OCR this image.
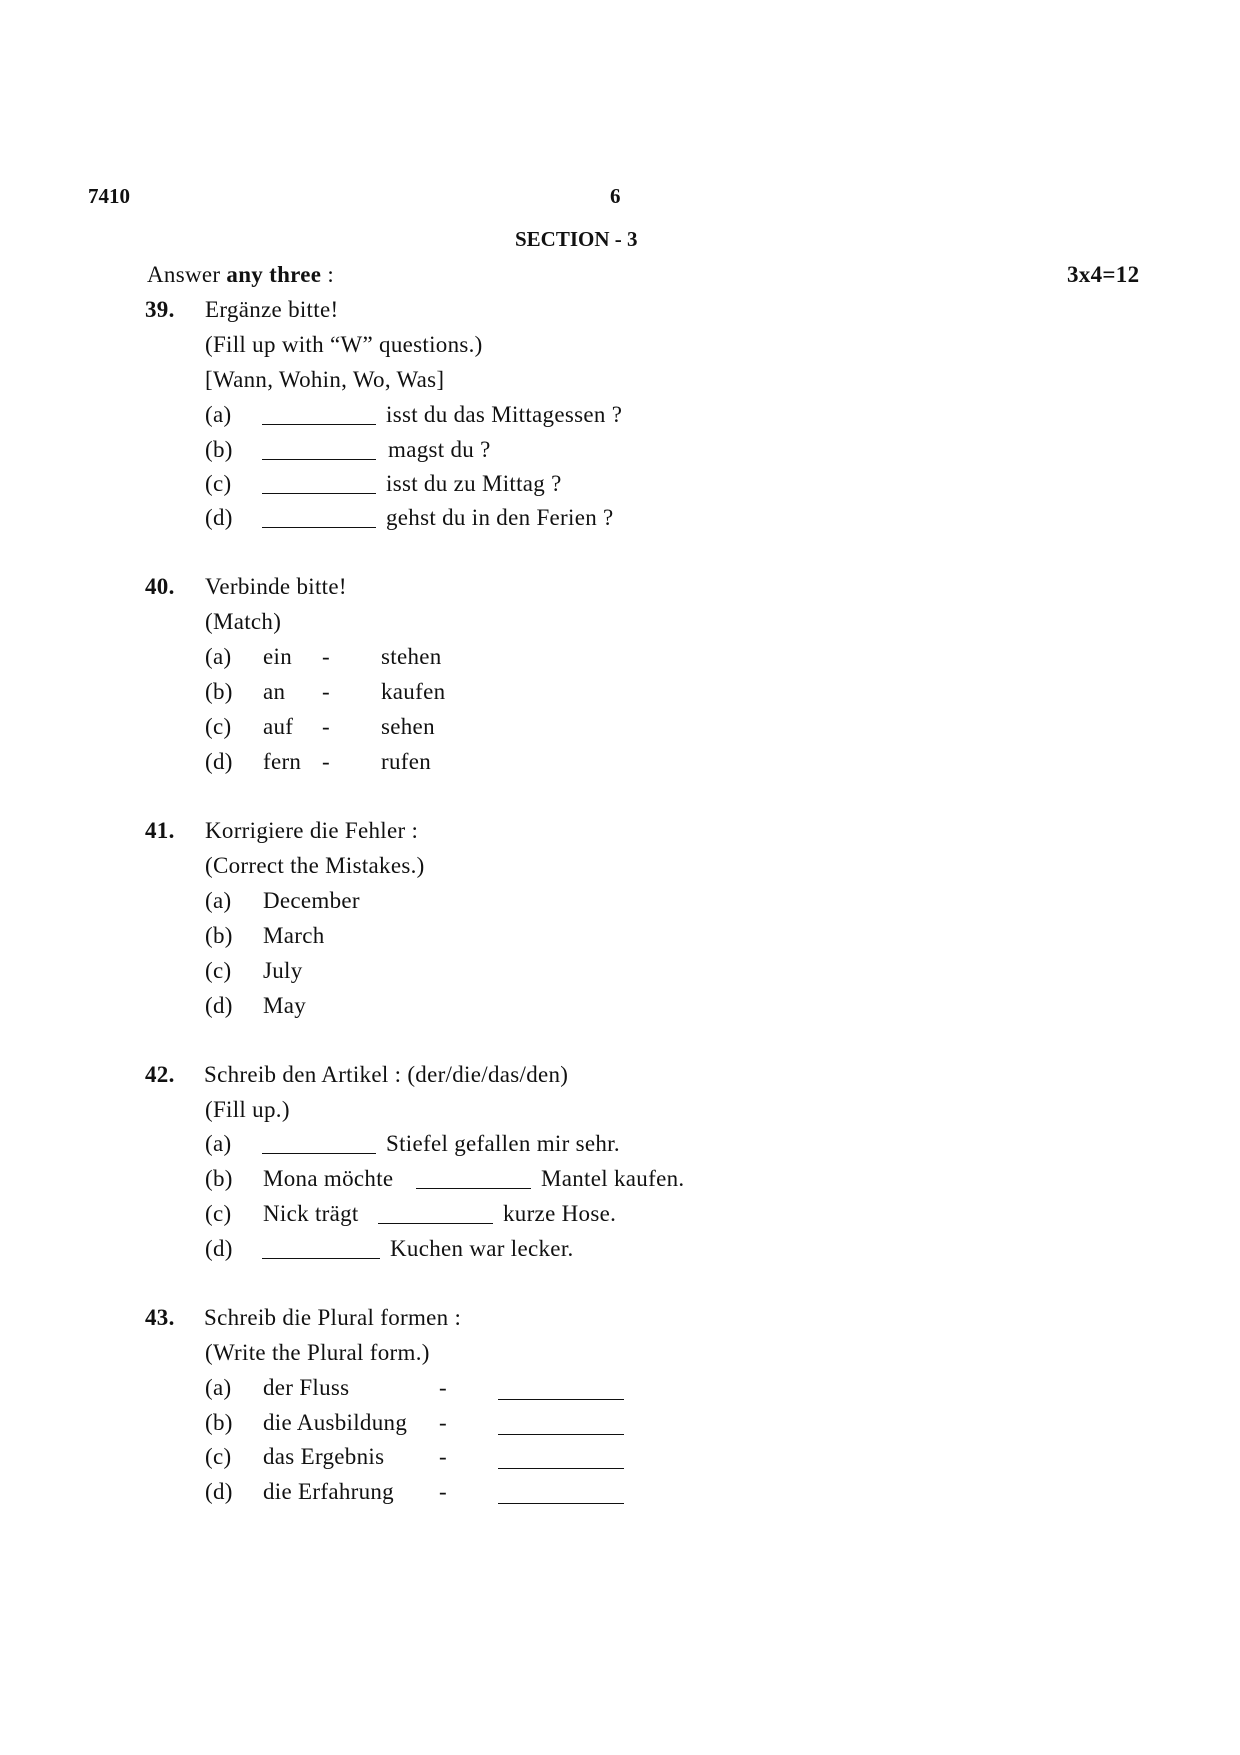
7410	6
SECTION - 3
Answer any three :	3x4=12
39. Ergänze bitte!
(Fill up with “W” questions.)
[Wann, Wohin, Wo, Was]
(a)	isst du das Mittagessen ?
(b)	magst du ?
(c)	isst du zu Mittag ?
(d)	gehst du in den Ferien ?
40. Verbinde bitte!
(Match)
(a) ein - stehen
(b) an - kaufen
(c) auf - sehen
(d) fern - rufen
41. Korrigiere die Fehler :
(Correct the Mistakes.)
(a) December
(b) March
(c) July
(d) May
42. Schreib den Artikel : (der/die/das/den)
(Fill up.)
(a)	Stiefel gefallen mir sehr.
(b) Mona möchte	Mantel kaufen.
(c) Nick trägt	kurze Hose.
(d)	Kuchen war lecker.
43. Schreib die Plural formen :
(Write the Plural form.)
(a) der Fluss	-
(b) die Ausbildung -
(c) das Ergebnis -
(d) die Erfahrung -
